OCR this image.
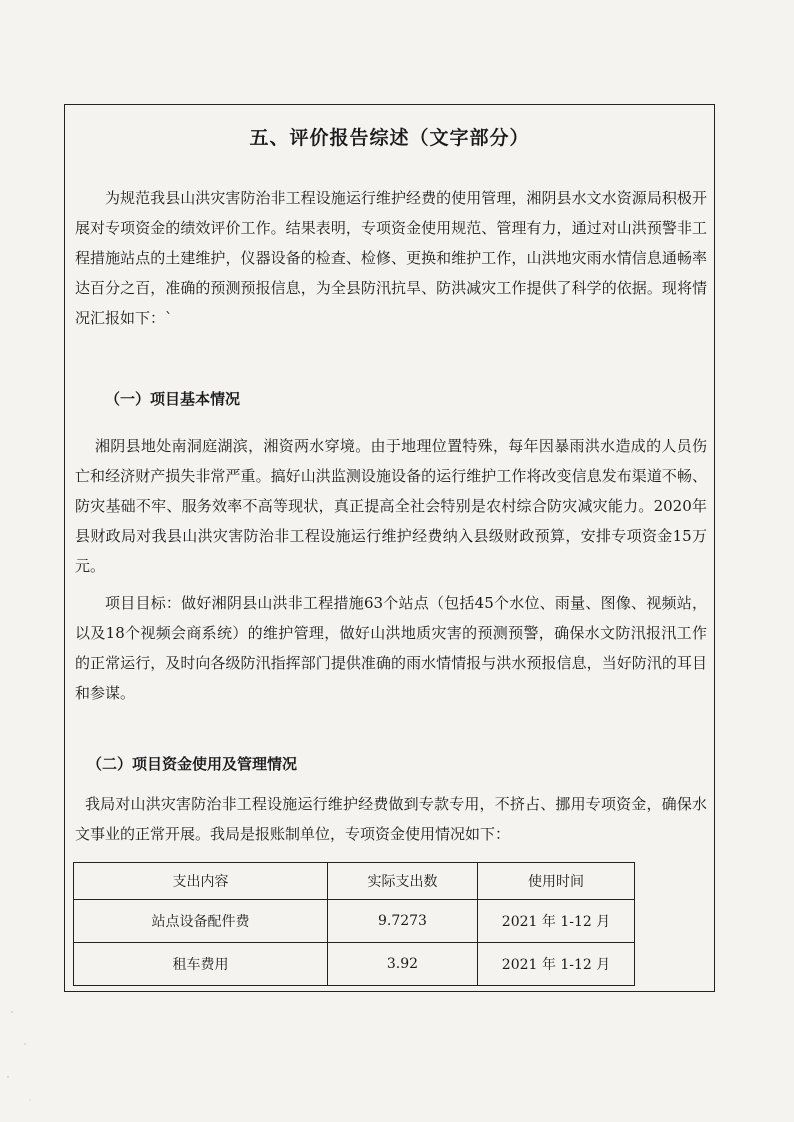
五、评价报告综述（文字部分）

为规范我县山洪灾害防治非工程设施运行维护经费的使用管理，湘阴县水文水资源局积极开展对专项资金的绩效评价工作。结果表明，专项资金使用规范、管理有力，通过对山洪预警非工程措施站点的土建维护，仪器设备的检查、检修、更换和维护工作，山洪地灾雨水情信息通畅率达百分之百，准确的预测预报信息，为全县防汛抗旱、防洪减灾工作提供了科学的依据。现将情况汇报如下：`

（一）项目基本情况

湘阴县地处南洞庭湖滨，湘资两水穿境。由于地理位置特殊，每年因暴雨洪水造成的人员伤亡和经济财产损失非常严重。搞好山洪监测设施设备的运行维护工作将改变信息发布渠道不畅、防灾基础不牢、服务效率不高等现状，真正提高全社会特别是农村综合防灾减灾能力。2020年县财政局对我县山洪灾害防治非工程设施运行维护经费纳入县级财政预算，安排专项资金15万元。

项目目标：做好湘阴县山洪非工程措施63个站点（包括45个水位、雨量、图像、视频站，以及18个视频会商系统）的维护管理，做好山洪地质灾害的预测预警，确保水文防汛报汛工作的正常运行，及时向各级防汛指挥部门提供准确的雨水情情报与洪水预报信息，当好防汛的耳目和参谋。

（二）项目资金使用及管理情况

我局对山洪灾害防治非工程设施运行维护经费做到专款专用，不挤占、挪用专项资金，确保水文事业的正常开展。我局是报账制单位，专项资金使用情况如下：

支出内容	实际支出数	使用时间
站点设备配件费	9.7273	2021 年 1-12 月
租车费用	3.92	2021 年 1-12 月
